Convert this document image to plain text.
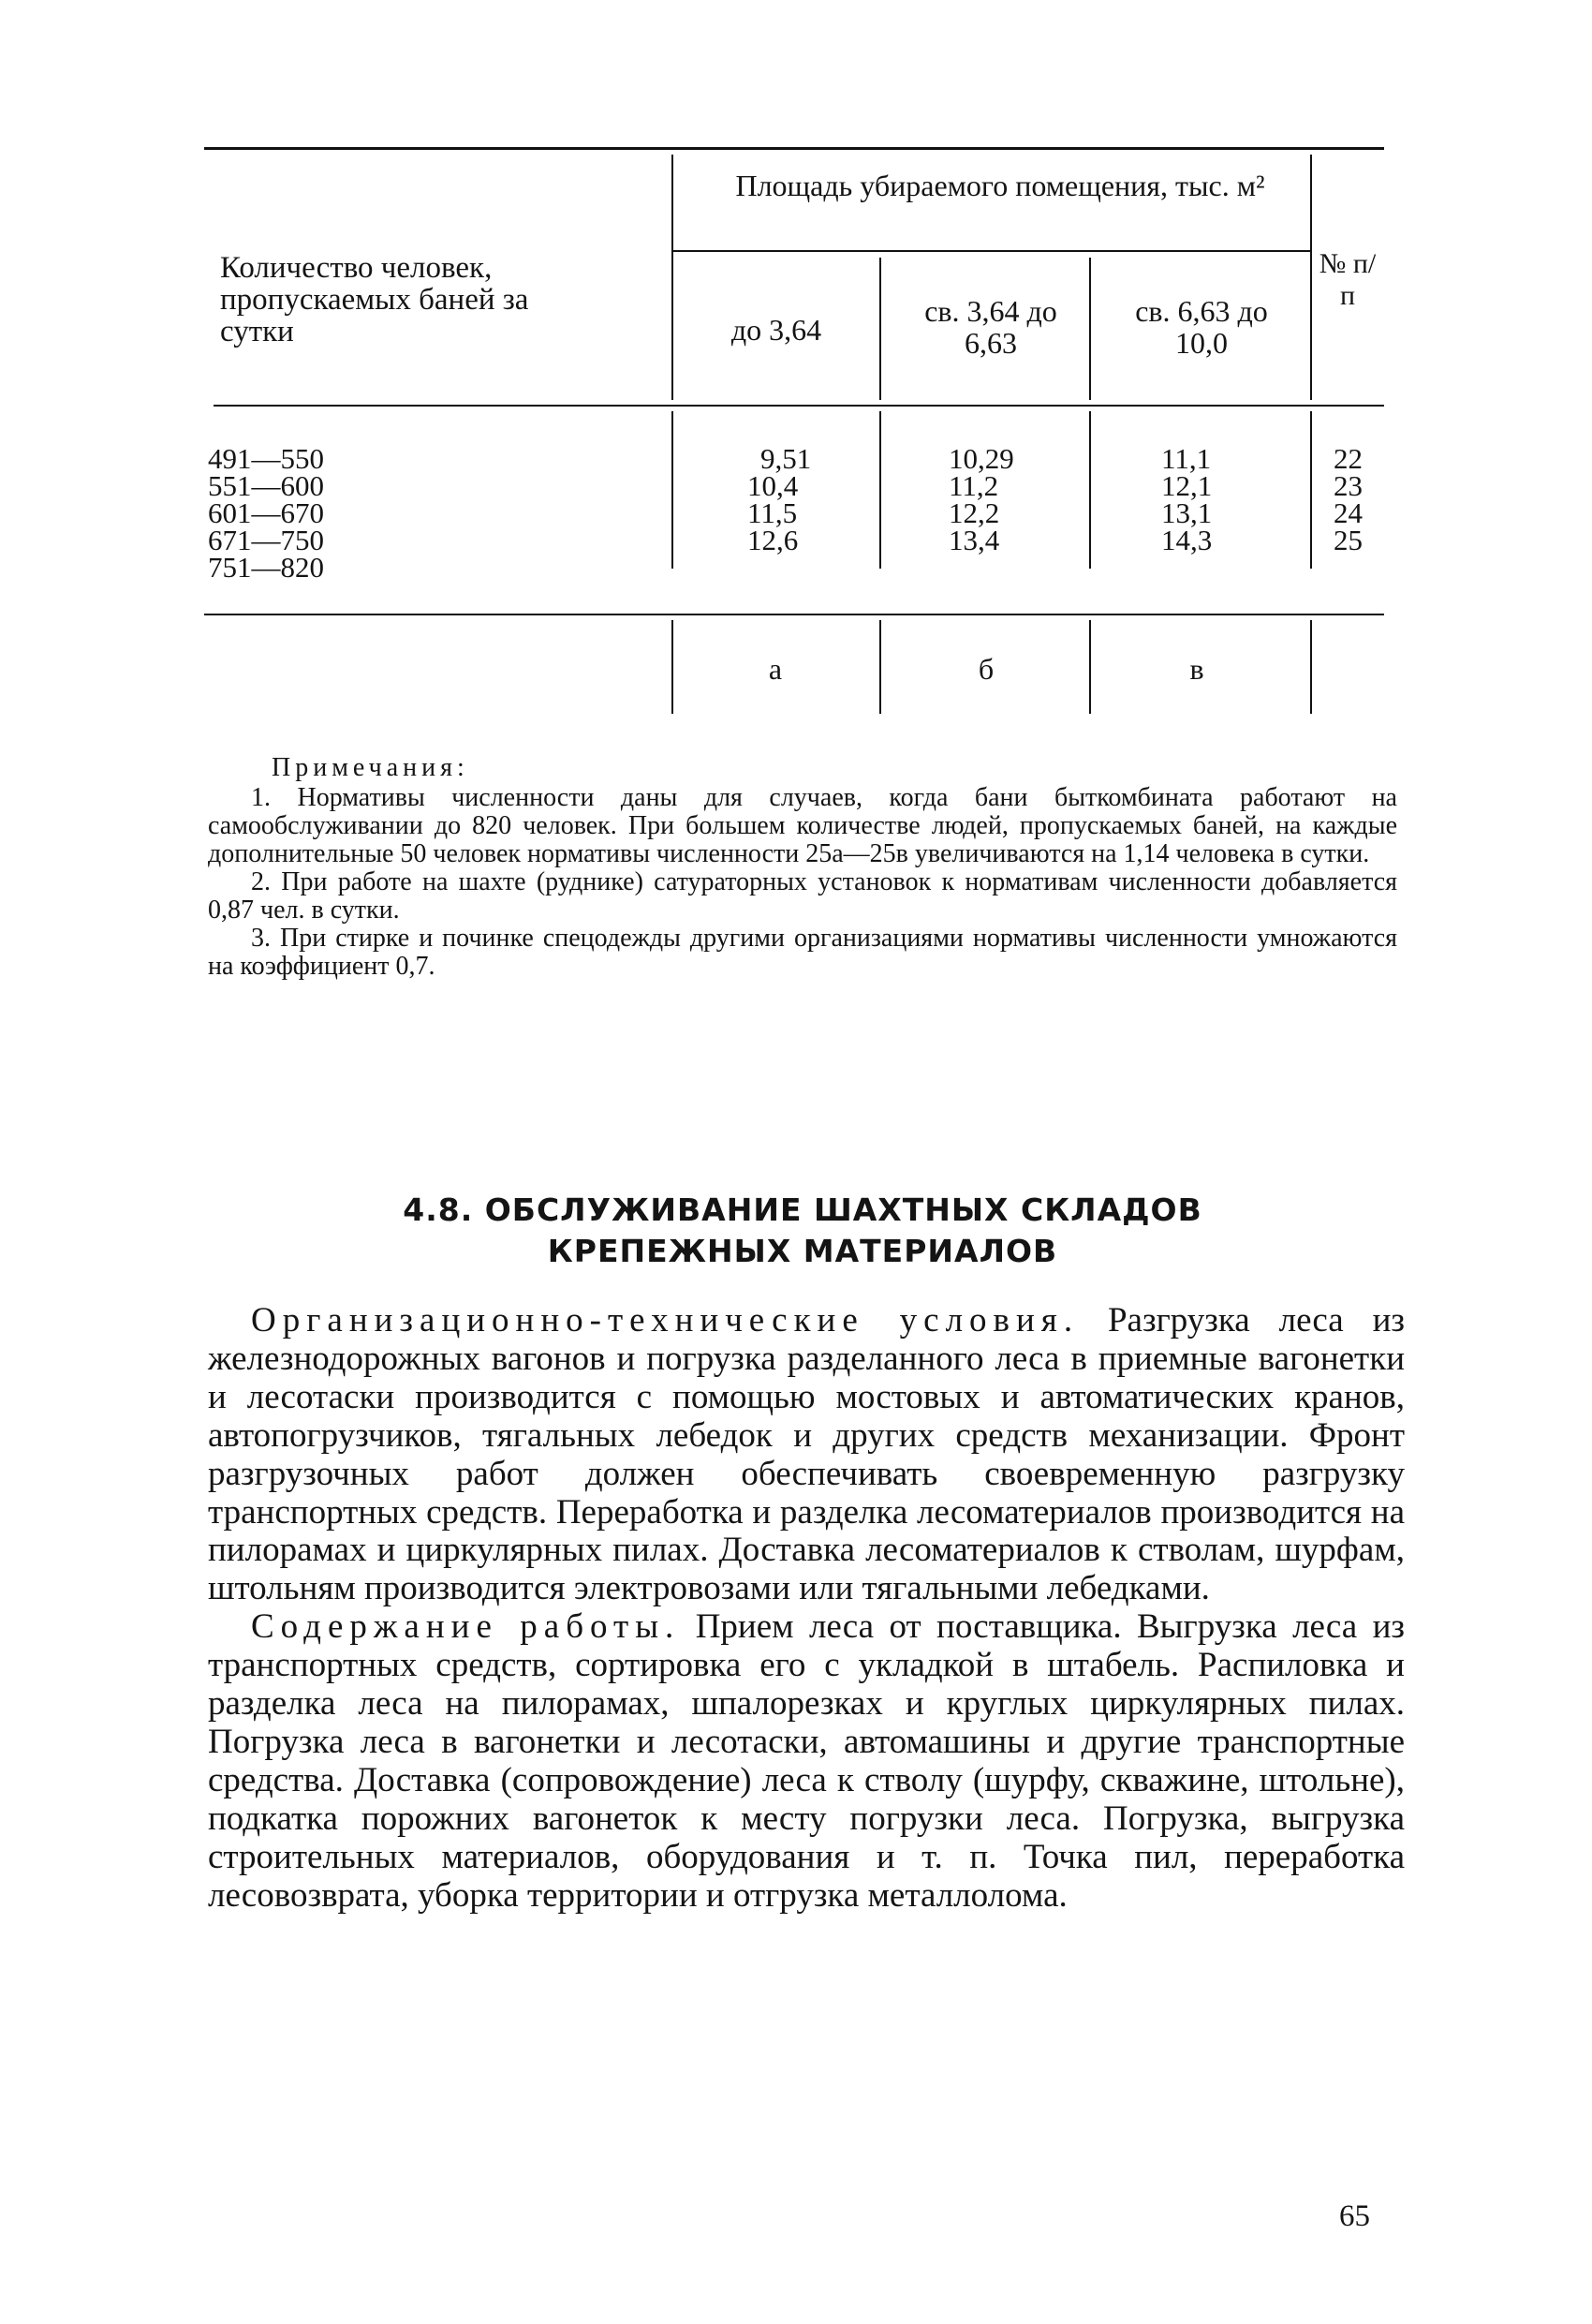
Количество человек, пропускаемых баней за сутки
Площадь убираемого помещения, тыс. м²
№ п/п
до 3,64
св. 3,64 до 6,63
св. 6,63 до 10,0
491—550
551—600
601—670
671—750
751—820
9,51
10,4
11,5
12,6
10,29
11,2
12,2
13,4
11,1
12,1
13,1
14,3
22
23
24
25
а	б	в

Примечания:

1. Нормативы численности даны для случаев, когда бани быткомбината работают на самообслуживании до 820 человек. При большем количестве людей, пропускаемых баней, на каждые дополнительные 50 человек нормативы численности 25а—25в увеличиваются на 1,14 человека в сутки.

2. При работе на шахте (руднике) сатураторных установок к нормативам численности добавляется 0,87 чел. в сутки.

3. При стирке и починке спецодежды другими организациями нормативы численности умножаются на коэффициент 0,7.

4.8. ОБСЛУЖИВАНИЕ ШАХТНЫХ СКЛАДОВ
КРЕПЕЖНЫХ МАТЕРИАЛОВ

Организационно-технические условия. Разгрузка леса из железнодорожных вагонов и погрузка разделанного леса в приемные вагонетки и лесотаски производится с помощью мостовых и автоматических кранов, автопогрузчиков, тягальных лебедок и других средств механизации. Фронт разгрузочных работ должен обеспечивать своевременную разгрузку транспортных средств. Переработка и разделка лесоматериалов производится на пилорамах и циркулярных пилах. Доставка лесоматериалов к стволам, шурфам, штольням производится электровозами или тягальными лебедками.

Содержание работы. Прием леса от поставщика. Выгрузка леса из транспортных средств, сортировка его с укладкой в штабель. Распиловка и разделка леса на пилорамах, шпалорезках и круглых циркулярных пилах. Погрузка леса в вагонетки и лесотаски, автомашины и другие транспортные средства. Доставка (сопровождение) леса к стволу (шурфу, скважине, штольне), подкатка порожних вагонеток к месту погрузки леса. Погрузка, выгрузка строительных материалов, оборудования и т. п. Точка пил, переработка лесовозврата, уборка территории и отгрузка металлолома.

65
